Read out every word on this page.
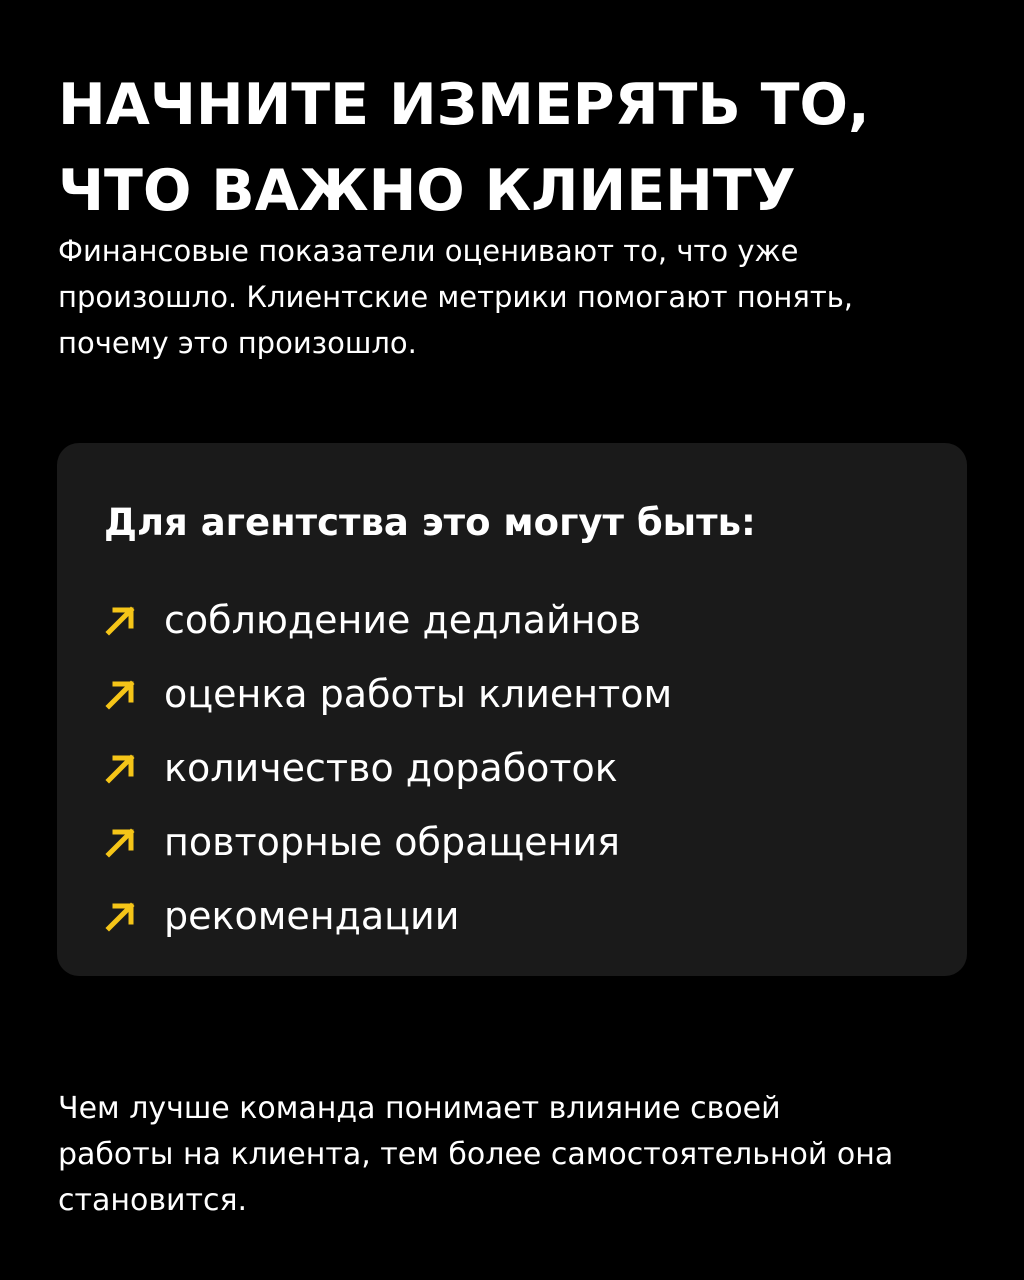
НАЧНИТЕ ИЗМЕРЯТЬ ТО,
ЧТО ВАЖНО КЛИЕНТУ

Финансовые показатели оценивают то, что уже
произошло. Клиентские метрики помогают понять,
почему это произошло.

Для агентства это могут быть:
соблюдение дедлайнов
оценка работы клиентом
количество доработок
повторные обращения
рекомендации

Чем лучше команда понимает влияние своей
работы на клиента, тем более самостоятельной она
становится.
